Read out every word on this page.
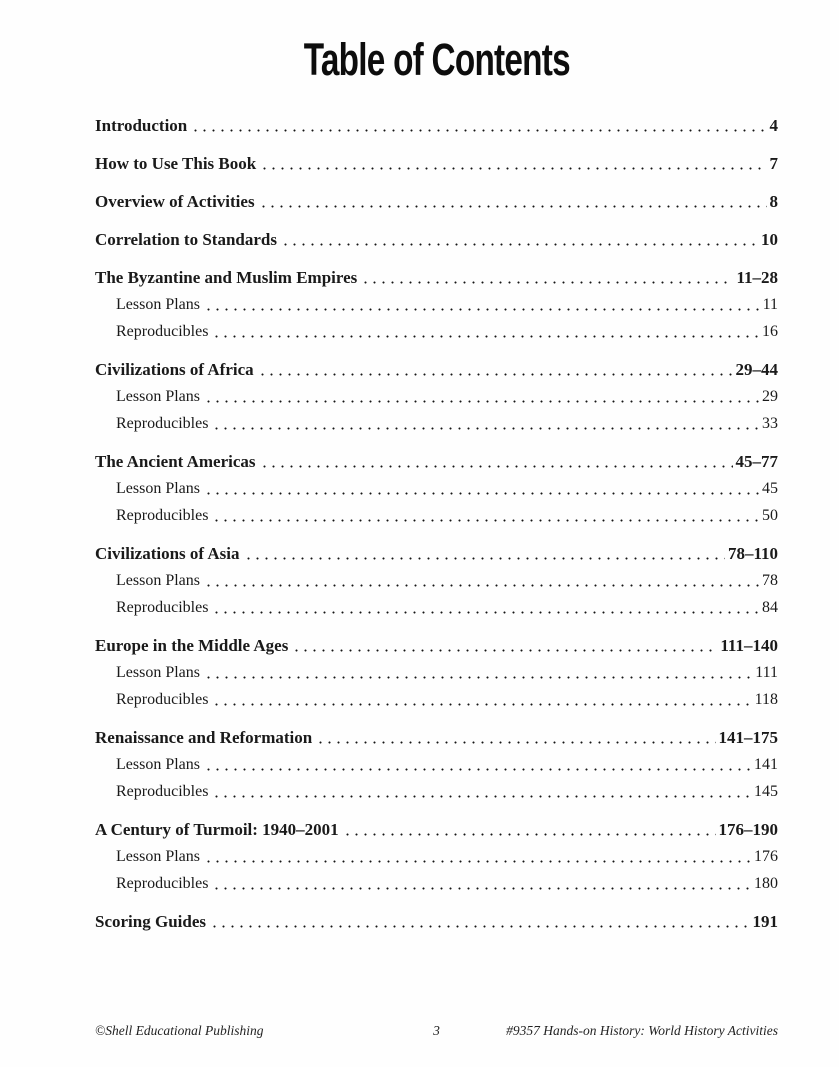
Table of Contents
Introduction	4
How to Use This Book	7
Overview of Activities	8
Correlation to Standards	10
The Byzantine and Muslim Empires	11–28
Lesson Plans	11
Reproducibles	16
Civilizations of Africa	29–44
Lesson Plans	29
Reproducibles	33
The Ancient Americas	45–77
Lesson Plans	45
Reproducibles	50
Civilizations of Asia	78–110
Lesson Plans	78
Reproducibles	84
Europe in the Middle Ages	111–140
Lesson Plans	111
Reproducibles	118
Renaissance and Reformation	141–175
Lesson Plans	141
Reproducibles	145
A Century of Turmoil: 1940–2001	176–190
Lesson Plans	176
Reproducibles	180
Scoring Guides	191
©Shell Educational Publishing	3	#9357 Hands-on History: World History Activities
